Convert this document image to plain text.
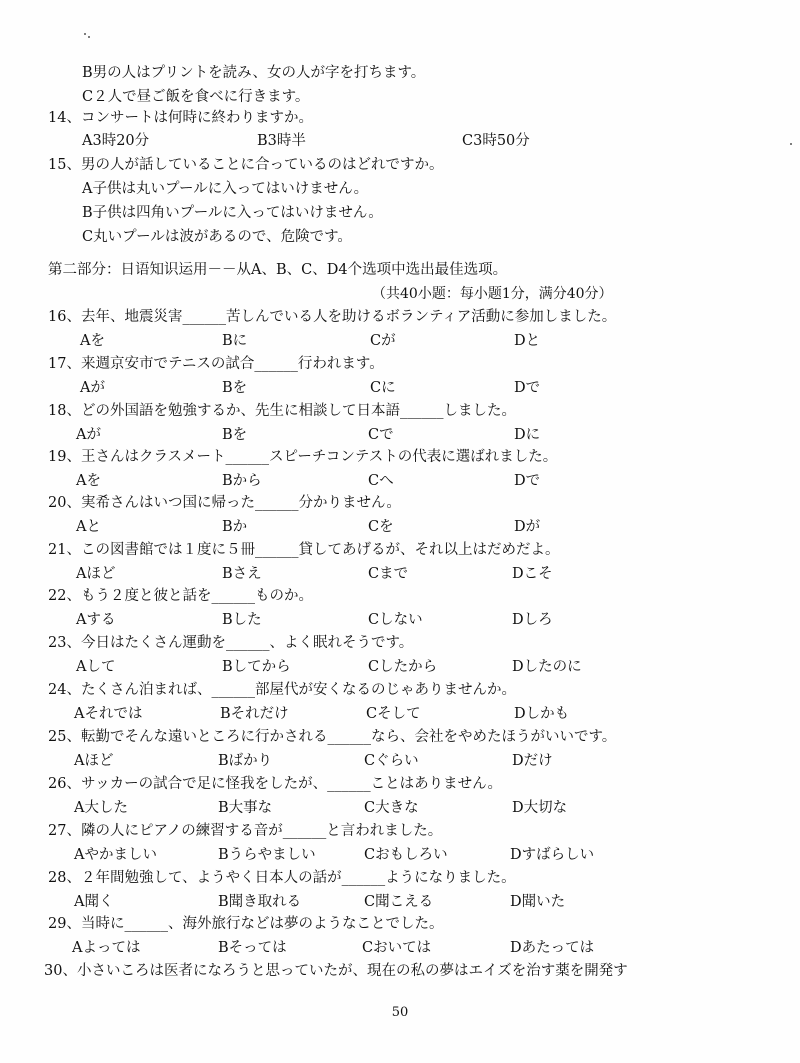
B男の人はプリントを読み、女の人が字を打ちます。
C２人で昼ご飯を食べに行きます。
14、コンサートは何時に終わりますか。
A3時20分	B3時半	C3時50分
15、男の人が話していることに合っているのはどれですか。
A子供は丸いプールに入ってはいけません。
B子供は四角いプールに入ってはいけません。
C丸いプールは波があるので、危険です。
第二部分：日语知识运用－－从A、B、C、D4个选项中选出最佳选项。
（共40小题：每小题1分，满分40分）
16、去年、地震災害______苦しんでいる人を助けるボランティア活動に参加しました。
Aを	Bに	Cが	Dと
17、来週京安市でテニスの試合______行われます。
Aが	Bを	Cに	Dで
18、どの外国語を勉強するか、先生に相談して日本語______しました。
Aが	Bを	Cで	Dに
19、王さんはクラスメート______スピーチコンテストの代表に選ばれました。
Aを	Bから	Cへ	Dで
20、実希さんはいつ国に帰った______分かりません。
Aと	Bか	Cを	Dが
21、この図書館では１度に５冊______貸してあげるが、それ以上はだめだよ。
Aほど	Bさえ	Cまで	Dこそ
22、もう２度と彼と話を______ものか。
Aする	Bした	Cしない	Dしろ
23、今日はたくさん運動を______、よく眠れそうです。
Aして	Bしてから	Cしたから	Dしたのに
24、たくさん泊まれば、______部屋代が安くなるのじゃありませんか。
Aそれでは	Bそれだけ	Cそして	Dしかも
25、転勤でそんな遠いところに行かされる______なら、会社をやめたほうがいいです。
Aほど	Bばかり	Cぐらい	Dだけ
26、サッカーの試合で足に怪我をしたが、______ことはありません。
A大した	B大事な	C大きな	D大切な
27、隣の人にピアノの練習する音が______と言われました。
Aやかましい	Bうらやましい	Cおもしろい	Dすばらしい
28、２年間勉強して、ようやく日本人の話が______ようになりました。
A聞く	B聞き取れる	C聞こえる	D聞いた
29、当時に______、海外旅行などは夢のようなことでした。
Aよっては	Bそっては	Cおいては	Dあたっては
30、小さいころは医者になろうと思っていたが、現在の私の夢はエイズを治す薬を開発す
50
